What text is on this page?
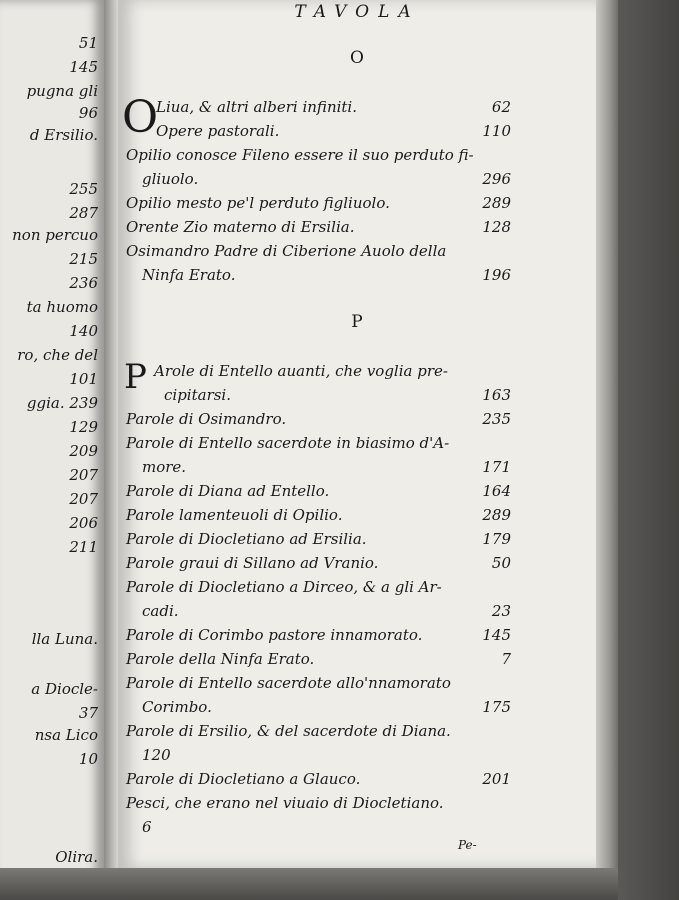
51
145
pugna gli
96
d Ersilio.
255
287
non percuo
215
236
ta huomo
140
ro, che del
101
ggia. 239
129
209
207
207
206
211
lla Luna.
a Diocle-
37
nsa Lico
10
Olira.
TAVOLA
O
P
O
P
Liua, & altri alberi infiniti.	62
Opere pastorali.	110
Opilio conosce Fileno essere il suo perduto fi-
gliuolo.	296
Opilio mesto pe'l perduto figliuolo.	289
Orente Zio materno di Ersilia.	128
Osimandro Padre di Ciberione Auolo della
Ninfa Erato.	196
Arole di Entello auanti, che voglia pre-
cipitarsi.	163
Parole di Osimandro.	235
Parole di Entello sacerdote in biasimo d'A-
more.	171
Parole di Diana ad Entello.	164
Parole lamenteuoli di Opilio.	289
Parole di Diocletiano ad Ersilia.	179
Parole graui di Sillano ad Vranio.	50
Parole di Diocletiano a Dirceo, & a gli Ar-
cadi.	23
Parole di Corimbo pastore innamorato.	145
Parole della Ninfa Erato.	7
Parole di Entello sacerdote allo'nnamorato
Corimbo.	175
Parole di Ersilio, & del sacerdote di Diana.
120
Parole di Diocletiano a Glauco.	201
Pesci, che erano nel viuaio di Diocletiano.
6
Pe-
